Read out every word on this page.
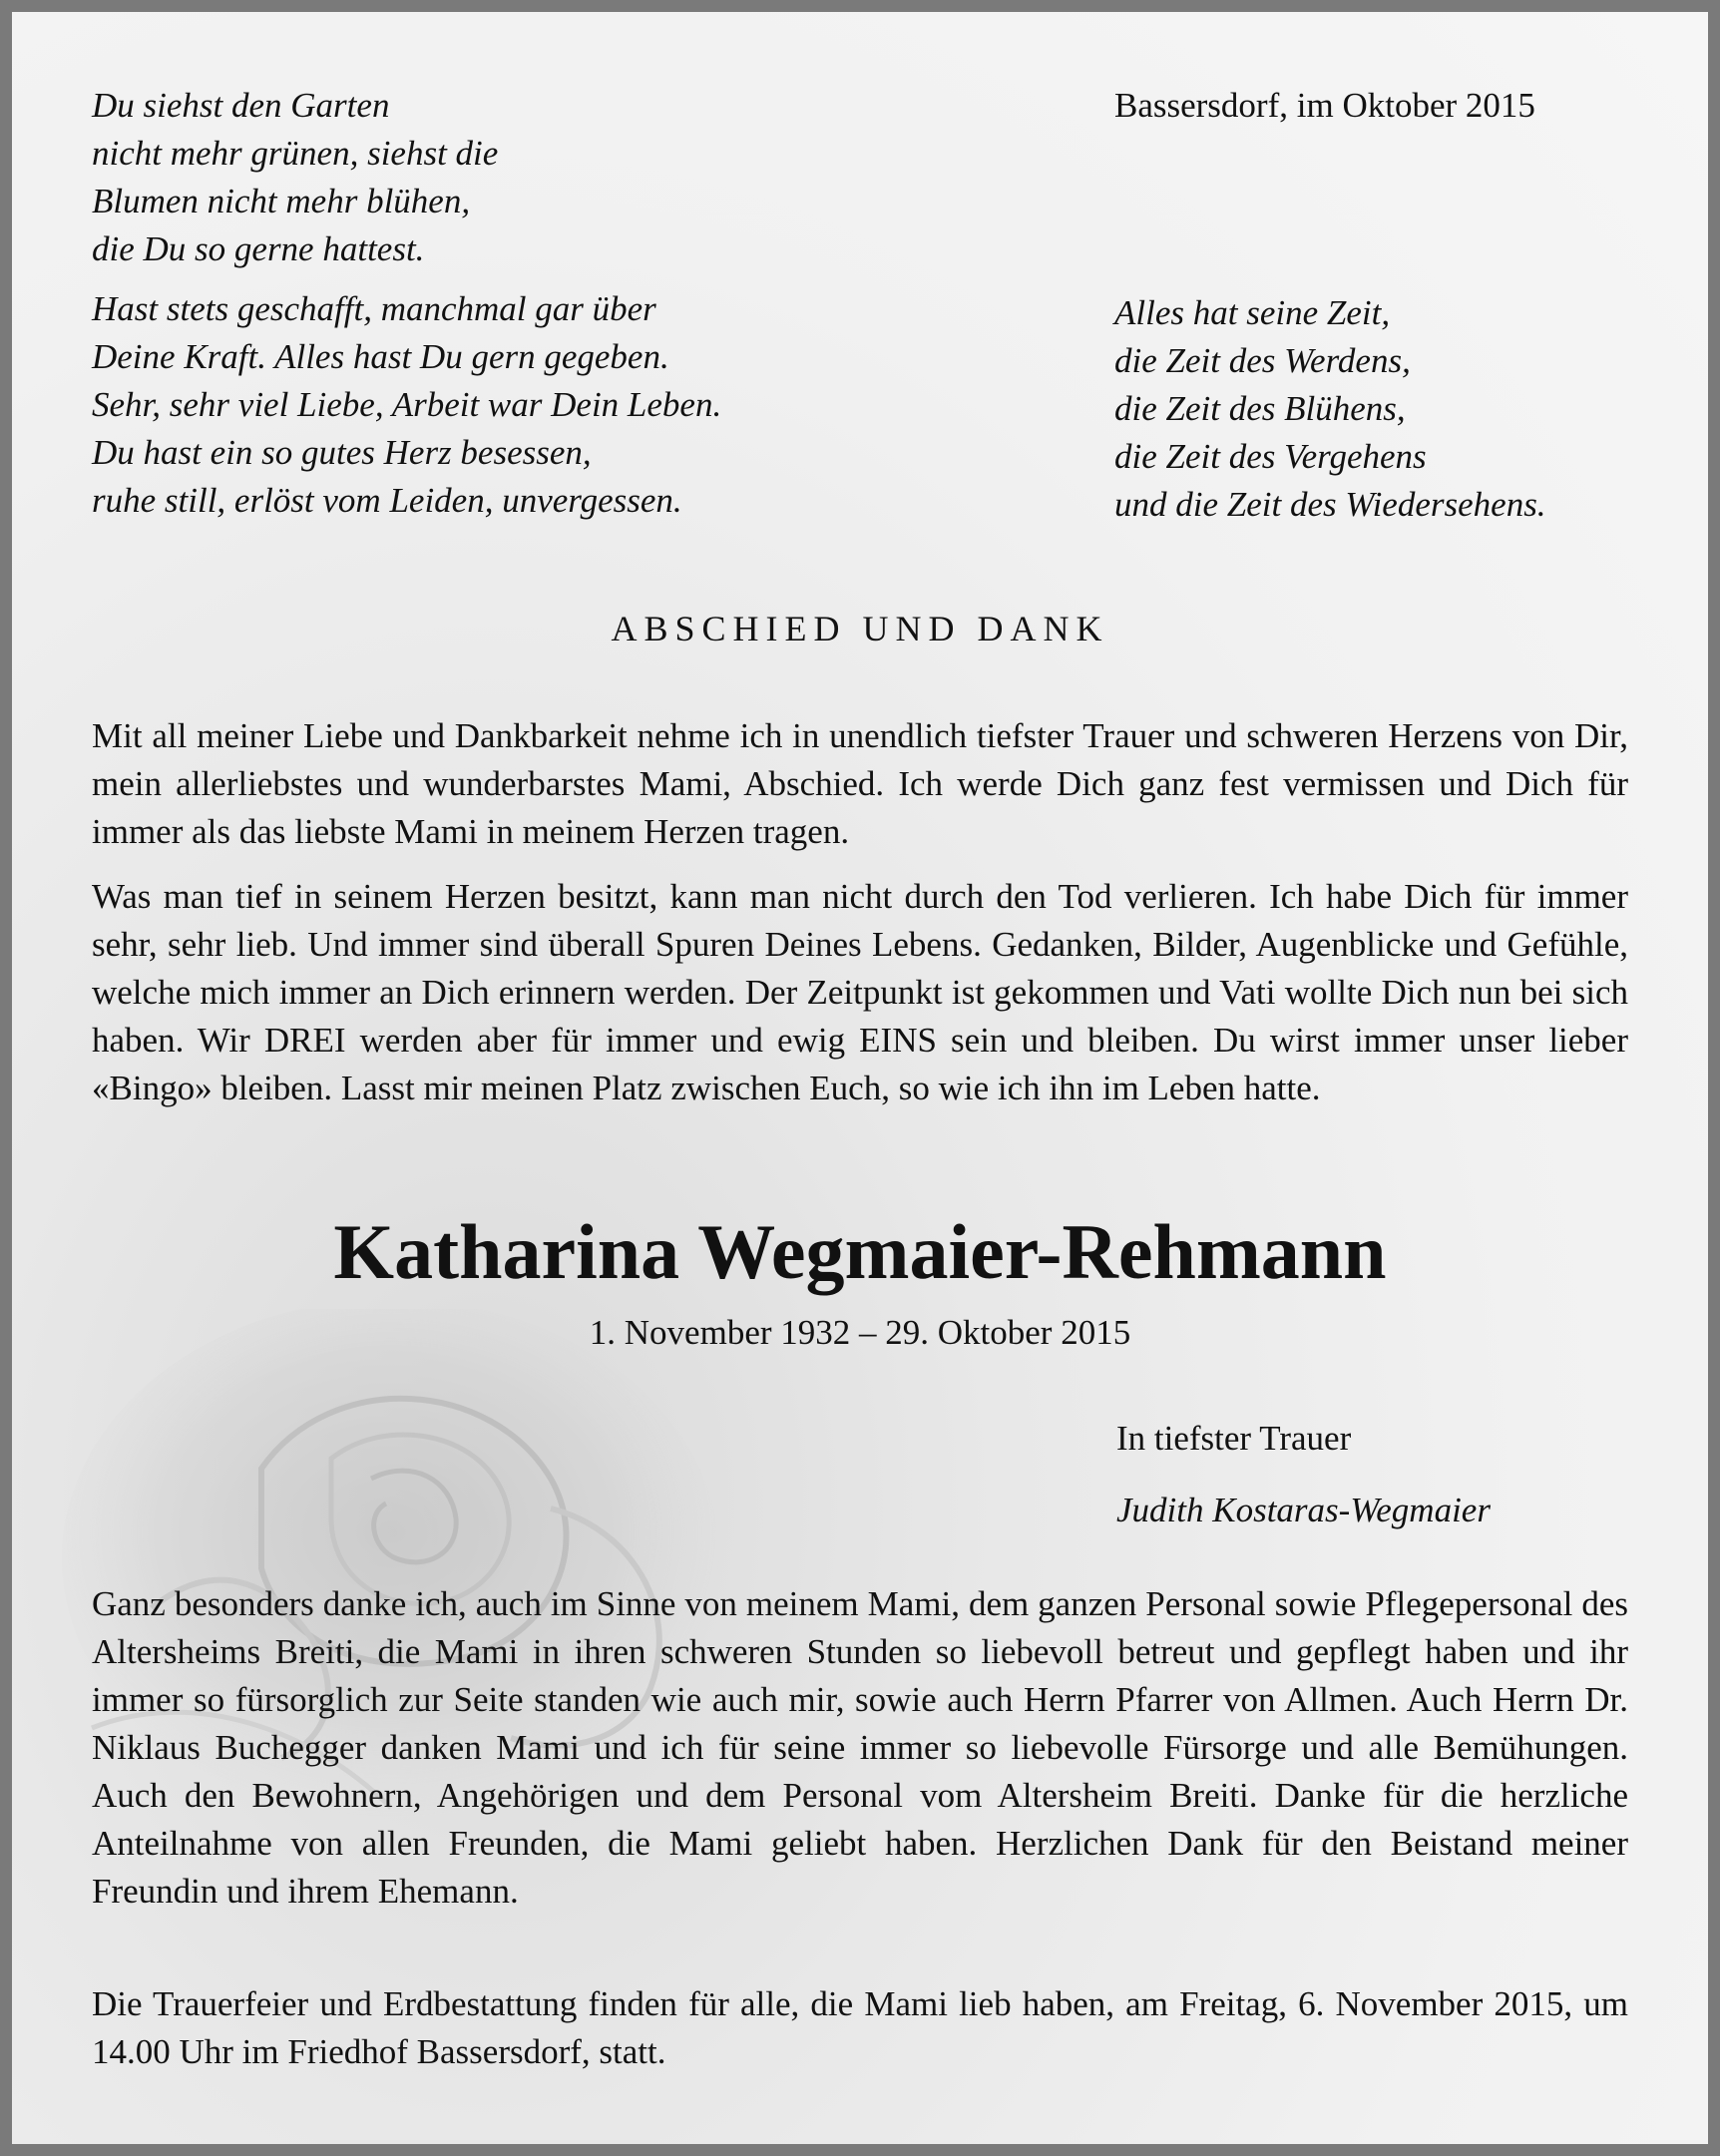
Du siehst den Garten
nicht mehr grünen, siehst die
Blumen nicht mehr blühen,
die Du so gerne hattest.
Hast stets geschafft, manchmal gar über
Deine Kraft. Alles hast Du gern gegeben.
Sehr, sehr viel Liebe, Arbeit war Dein Leben.
Du hast ein so gutes Herz besessen,
ruhe still, erlöst vom Leiden, unvergessen.
Bassersdorf, im Oktober 2015
Alles hat seine Zeit,
die Zeit des Werdens,
die Zeit des Blühens,
die Zeit des Vergehens
und die Zeit des Wiedersehens.
ABSCHIED UND DANK
Mit all meiner Liebe und Dankbarkeit nehme ich in unendlich tiefster Trauer und schweren Herzens von Dir, mein allerliebstes und wunderbarstes Mami, Abschied. Ich werde Dich ganz fest vermissen und Dich für immer als das liebste Mami in meinem Herzen tragen.
Was man tief in seinem Herzen besitzt, kann man nicht durch den Tod verlieren. Ich habe Dich für immer sehr, sehr lieb. Und immer sind überall Spuren Deines Lebens. Gedanken, Bilder, Augenblicke und Gefühle, welche mich immer an Dich erinnern werden. Der Zeitpunkt ist gekommen und Vati wollte Dich nun bei sich haben. Wir DREI werden aber für immer und ewig EINS sein und bleiben. Du wirst immer unser lieber «Bingo» bleiben. Lasst mir meinen Platz zwischen Euch, so wie ich ihn im Leben hatte.
Katharina Wegmaier-Rehmann
1. November 1932 – 29. Oktober 2015
In tiefster Trauer
Judith Kostaras-Wegmaier
Ganz besonders danke ich, auch im Sinne von meinem Mami, dem ganzen Personal sowie Pflegepersonal des Altersheims Breiti, die Mami in ihren schweren Stunden so liebevoll betreut und gepflegt haben und ihr immer so fürsorglich zur Seite standen wie auch mir, sowie auch Herrn Pfarrer von Allmen. Auch Herrn Dr. Niklaus Buchegger danken Mami und ich für seine immer so liebevolle Fürsorge und alle Bemühungen. Auch den Bewohnern, Angehörigen und dem Personal vom Altersheim Breiti. Danke für die herzliche Anteilnahme von allen Freunden, die Mami geliebt haben. Herzlichen Dank für den Beistand meiner Freundin und ihrem Ehemann.
Die Trauerfeier und Erdbestattung finden für alle, die Mami lieb haben, am Freitag, 6. November 2015, um 14.00 Uhr im Friedhof Bassersdorf, statt.
